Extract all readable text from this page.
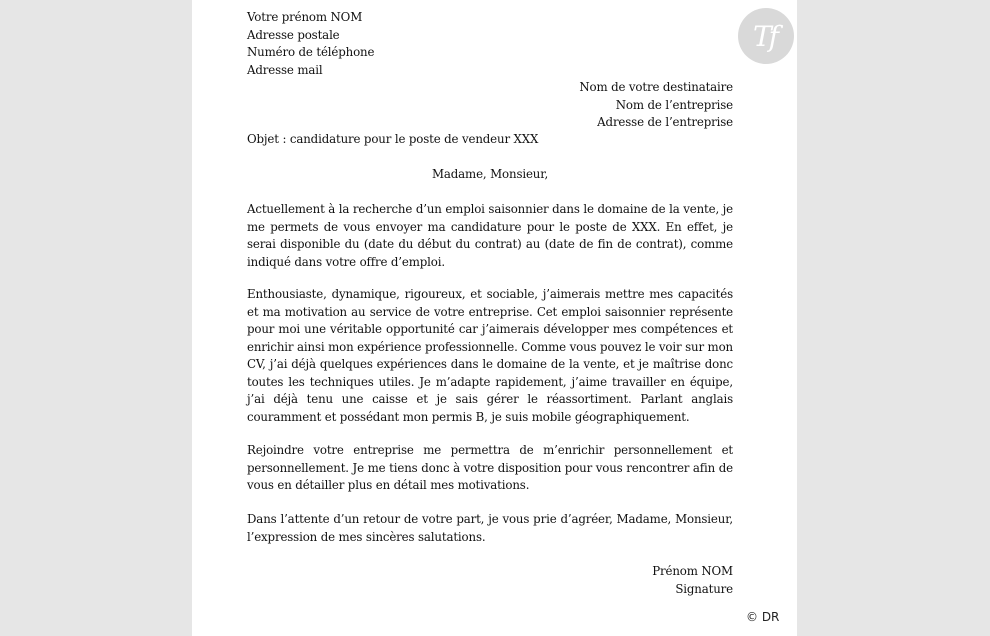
Tf
Votre prénom NOM
Adresse postale
Numéro de téléphone
Adresse mail
Nom de votre destinataire
Nom de l’entreprise
Adresse de l’entreprise
Objet : candidature pour le poste de vendeur XXX
Madame, Monsieur,
Actuellement à la recherche d’un emploi saisonnier dans le domaine de la vente, je me permets de vous envoyer ma candidature pour le poste de XXX. En effet, je serai disponible du (date du début du contrat) au (date de fin de contrat), comme indiqué dans votre offre d’emploi.
Enthousiaste, dynamique, rigoureux, et sociable, j’aimerais mettre mes capacités et ma motivation au service de votre entreprise. Cet emploi saisonnier représente pour moi une véritable opportunité car j’aimerais développer mes compétences et enrichir ainsi mon expérience professionnelle. Comme vous pouvez le voir sur mon CV, j’ai déjà quelques expériences dans le domaine de la vente, et je maîtrise donc toutes les techniques utiles. Je m’adapte rapidement, j’aime travailler en équipe, j’ai déjà tenu une caisse et je sais gérer le réassortiment. Parlant anglais couramment et possédant mon permis B, je suis mobile géographiquement.
Rejoindre votre entreprise me permettra de m’enrichir personnellement et personnellement. Je me tiens donc à votre disposition pour vous rencontrer afin de vous en détailler plus en détail mes motivations.
Dans l’attente d’un retour de votre part, je vous prie d’agréer, Madame, Monsieur, l’expression de mes sincères salutations.
Prénom NOM
Signature
© DR
